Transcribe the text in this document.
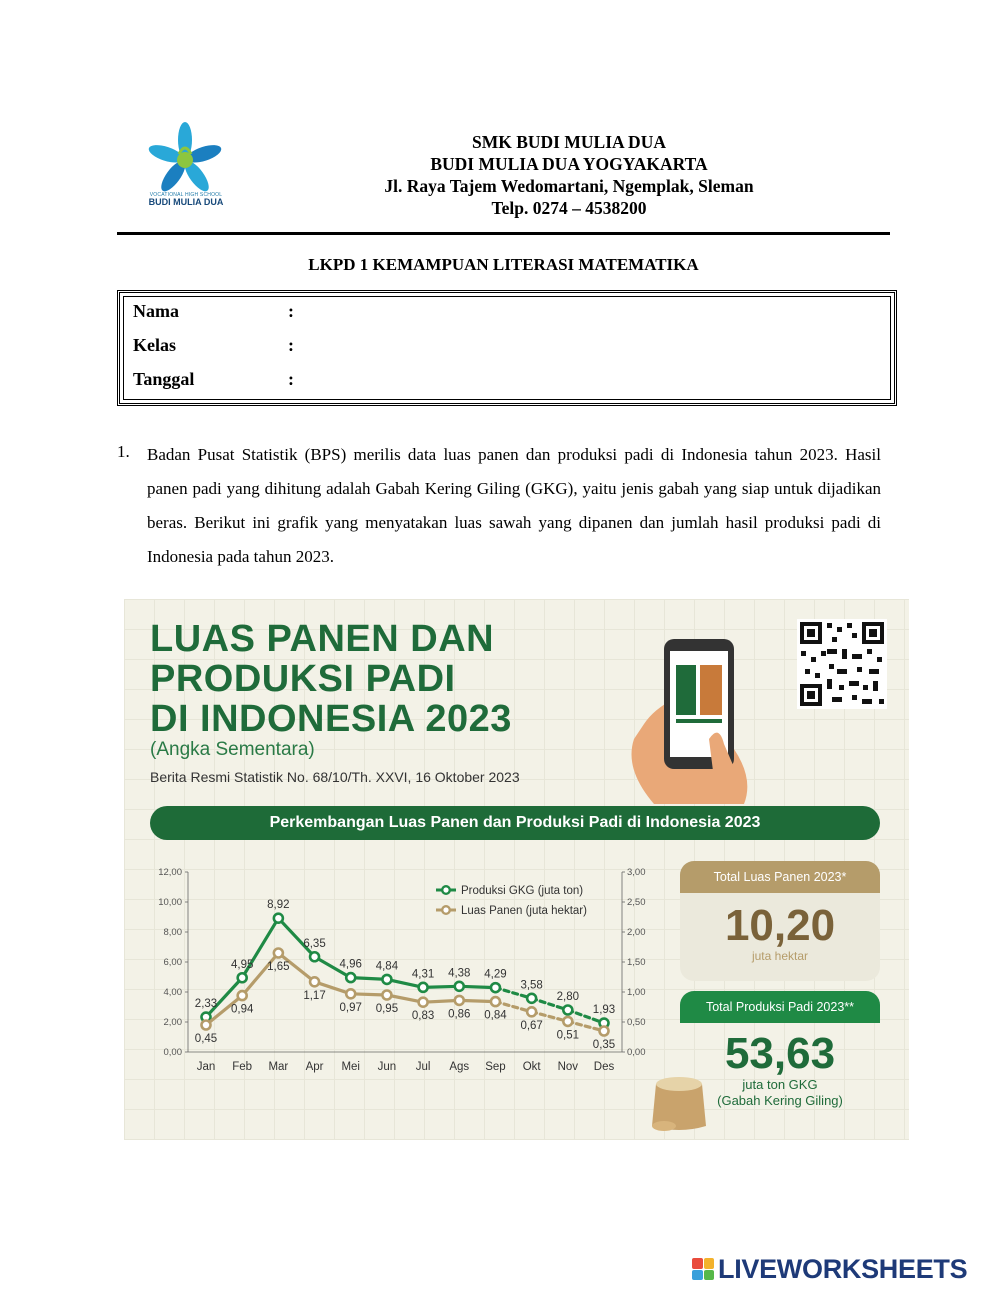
VOCATIONAL HIGH SCHOOL
BUDI MULIA DUA
SMK BUDI MULIA DUA
BUDI MULIA DUA YOGYAKARTA
Jl. Raya Tajem Wedomartani, Ngemplak, Sleman
Telp. 0274 – 4538200
LKPD 1 KEMAMPUAN LITERASI MATEMATIKA
Nama	:
Kelas	:
Tanggal	:
1. Badan Pusat Statistik (BPS) merilis data luas panen dan produksi padi di Indonesia tahun 2023. Hasil panen padi yang dihitung adalah Gabah Kering Giling (GKG), yaitu jenis gabah yang siap untuk dijadikan beras. Berikut ini grafik yang menyatakan luas sawah yang dipanen dan jumlah hasil produksi padi di Indonesia pada tahun 2023.
LUAS PANEN DAN
PRODUKSI PADI
DI INDONESIA 2023
(Angka Sementara)
Berita Resmi Statistik No. 68/10/Th. XXVI, 16 Oktober 2023
Perkembangan Luas Panen dan Produksi Padi di Indonesia 2023
0,00
2,00
4,00
6,00
8,00
10,00
12,00
0,00
0,50
1,00
1,50
2,00
2,50
3,00
Jan Feb Mar Apr Mei Jun Jul Ags Sep Okt Nov Des
2,33
4,95
8,92
6,35
4,96 4,84
4,31 4,38 4,29
3,58
2,80
1,93
0,45
0,94
1,65
1,17
0,97 0,95
0,83 0,86 0,84
0,67
0,51
0,35
Produksi GKG (juta ton)
Luas Panen (juta hektar)
Total Luas Panen 2023*
10,20
juta hektar
Total Produksi Padi 2023**
53,63
juta ton GKG
(Gabah Kering Giling)
LIVEWORKSHEETS
